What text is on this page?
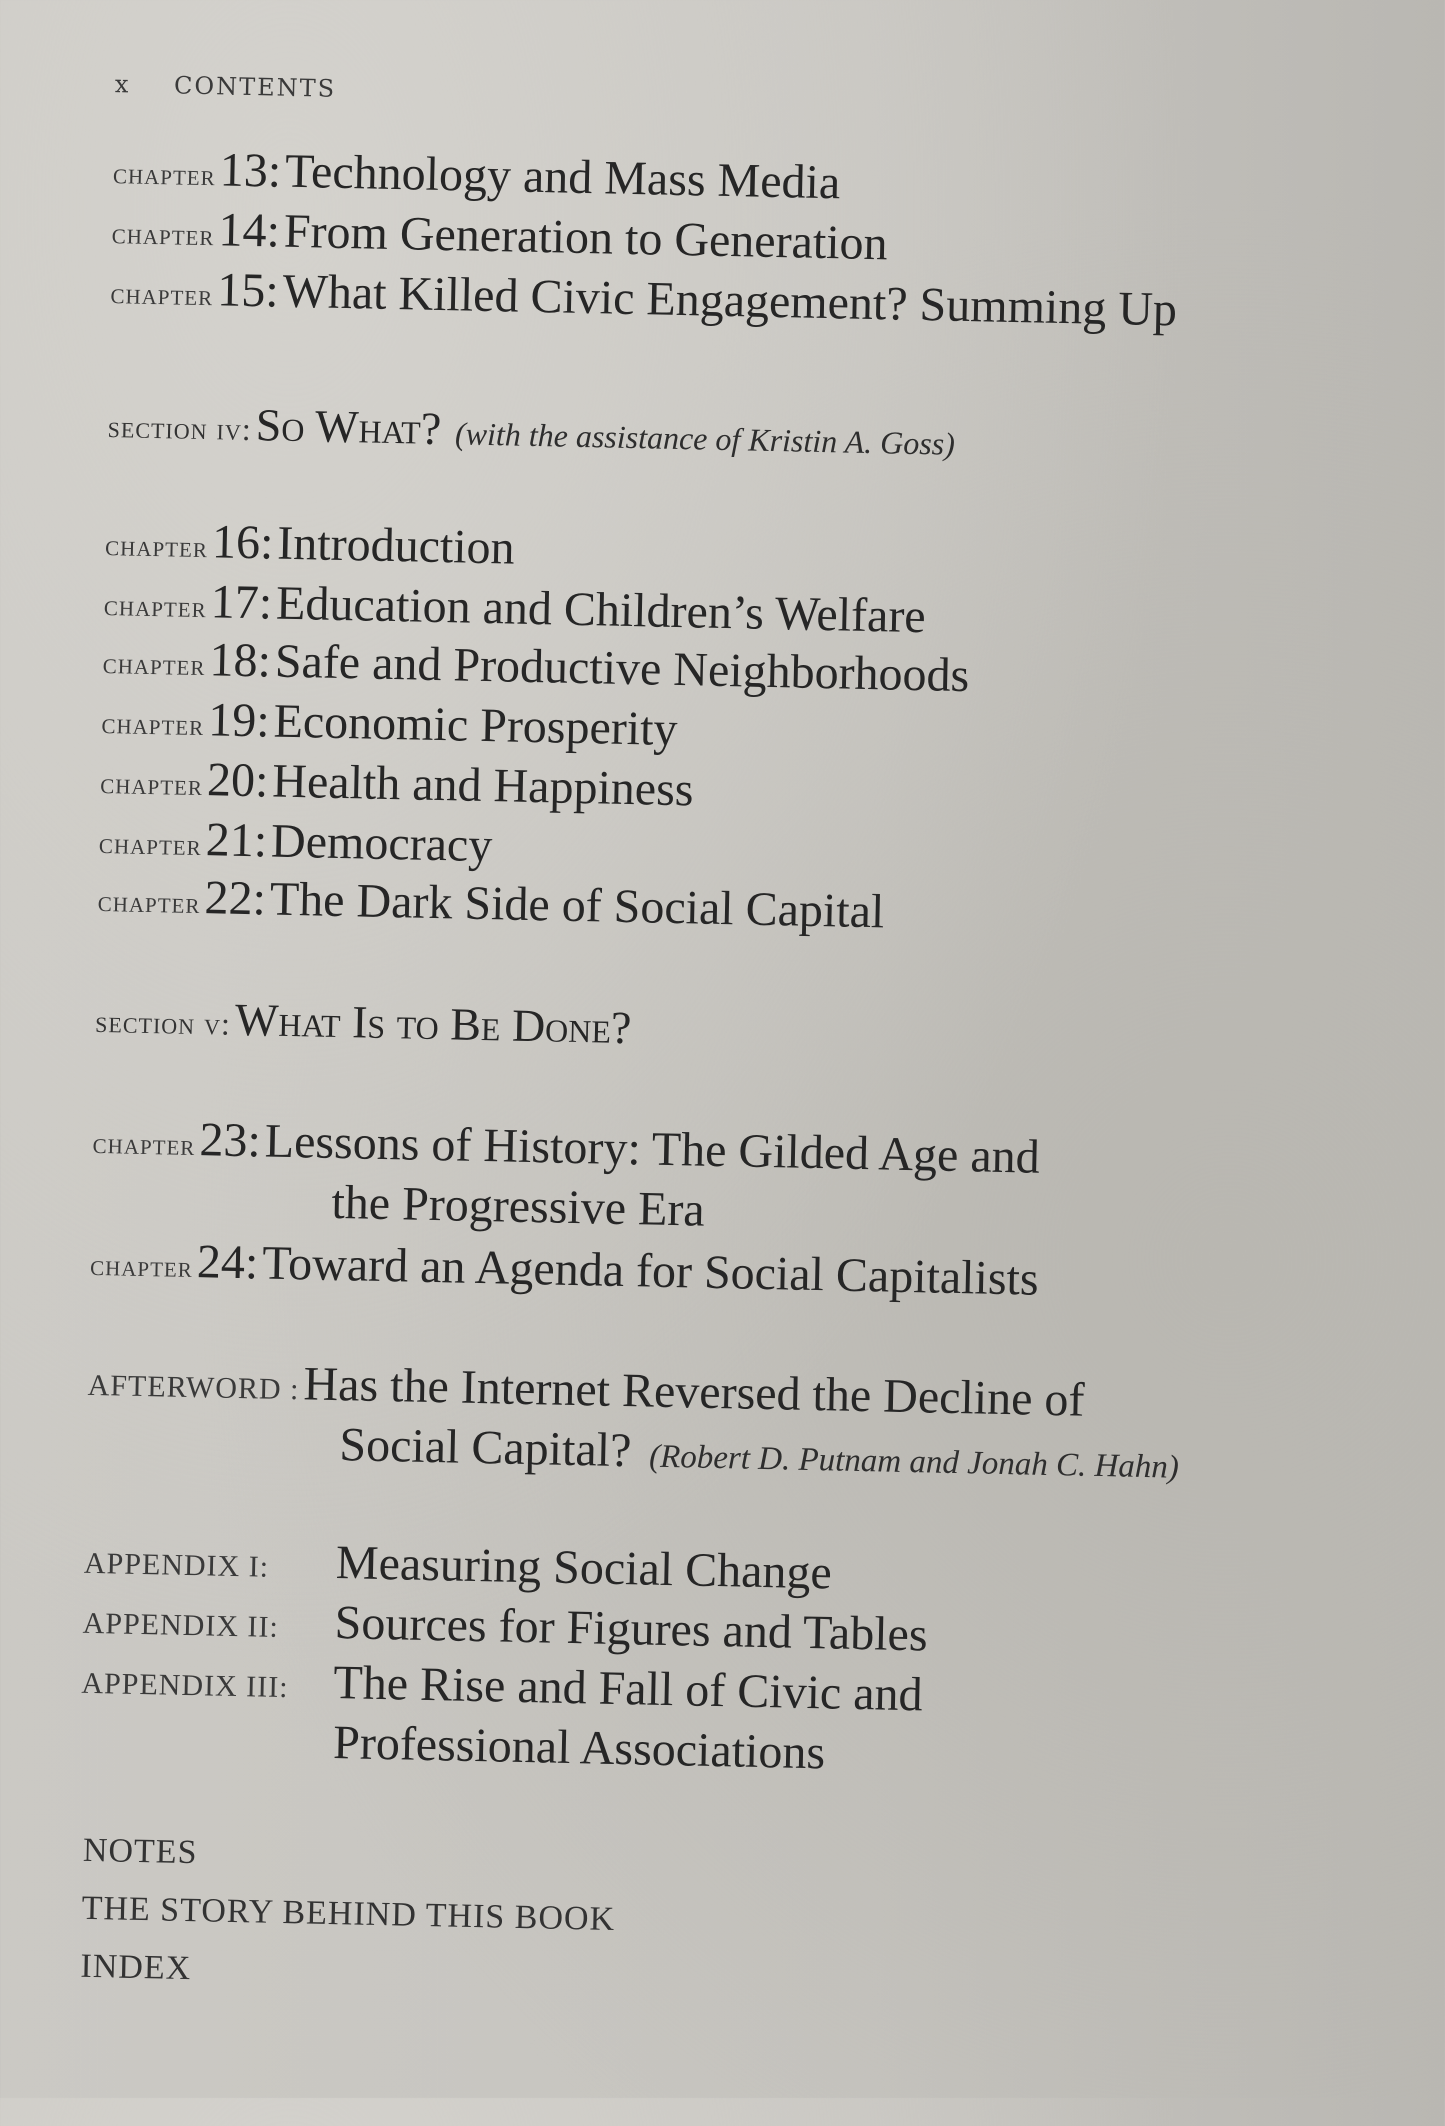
x CONTENTS
chapter 13: Technology and Mass Media
chapter 14: From Generation to Generation
chapter 15: What Killed Civic Engagement? Summing Up
section iv: So What? (with the assistance of Kristin A. Goss)
chapter 16: Introduction
chapter 17: Education and Children’s Welfare
chapter 18: Safe and Productive Neighborhoods
chapter 19: Economic Prosperity
chapter 20: Health and Happiness
chapter 21: Democracy
chapter 22: The Dark Side of Social Capital
section v: What Is to Be Done?
chapter 23: Lessons of History: The Gilded Age and
the Progressive Era
chapter 24: Toward an Agenda for Social Capitalists
AFTERWORD : Has the Internet Reversed the Decline of
Social Capital? (Robert D. Putnam and Jonah C. Hahn)
APPENDIX I: Measuring Social Change
APPENDIX II: Sources for Figures and Tables
APPENDIX III: The Rise and Fall of Civic and
Professional Associations
NOTES
THE STORY BEHIND THIS BOOK
INDEX
